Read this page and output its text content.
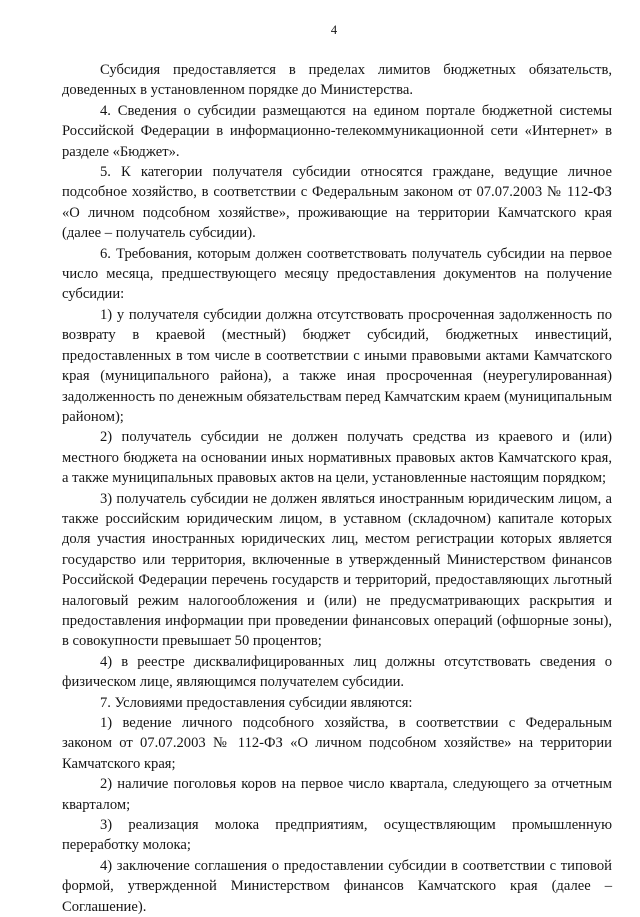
4

Субсидия предоставляется в пределах лимитов бюджетных обязательств, доведенных в установленном порядке до Министерства.

4. Сведения о субсидии размещаются на едином портале бюджетной системы Российской Федерации в информационно-телекоммуникационной сети «Интернет» в разделе «Бюджет».

5. К категории получателя субсидии относятся граждане, ведущие личное подсобное хозяйство, в соответствии с Федеральным законом от 07.07.2003 № 112-ФЗ «О личном подсобном хозяйстве», проживающие на территории Камчатского края (далее – получатель субсидии).

6. Требования, которым должен соответствовать получатель субсидии на первое число месяца, предшествующего месяцу предоставления документов на получение субсидии:

1) у получателя субсидии должна отсутствовать просроченная задолженность по возврату в краевой (местный) бюджет субсидий, бюджетных инвестиций, предоставленных в том числе в соответствии с иными правовыми актами Камчатского края (муниципального района), а также иная просроченная (неурегулированная) задолженность по денежным обязательствам перед Камчатским краем (муниципальным районом);

2) получатель субсидии не должен получать средства из краевого и (или) местного бюджета на основании иных нормативных правовых актов Камчатского края, а также муниципальных правовых актов на цели, установленные настоящим порядком;

3) получатель субсидии не должен являться иностранным юридическим лицом, а также российским юридическим лицом, в уставном (складочном) капитале которых доля участия иностранных юридических лиц, местом регистрации которых является государство или территория, включенные в утвержденный Министерством финансов Российской Федерации перечень государств и территорий, предоставляющих льготный налоговый режим налогообложения и (или) не предусматривающих раскрытия и предоставления информации при проведении финансовых операций (офшорные зоны), в совокупности превышает 50 процентов;

4) в реестре дисквалифицированных лиц должны отсутствовать сведения о физическом лице, являющимся получателем субсидии.

7. Условиями предоставления субсидии являются:

1) ведение личного подсобного хозяйства, в соответствии с Федеральным законом от 07.07.2003 № 112-ФЗ «О личном подсобном хозяйстве» на территории Камчатского края;

2) наличие поголовья коров на первое число квартала, следующего за отчетным кварталом;

3) реализация молока предприятиям, осуществляющим промышленную переработку молока;

4) заключение соглашения о предоставлении субсидии в соответствии с типовой формой, утвержденной Министерством финансов Камчатского края (далее – Соглашение).
